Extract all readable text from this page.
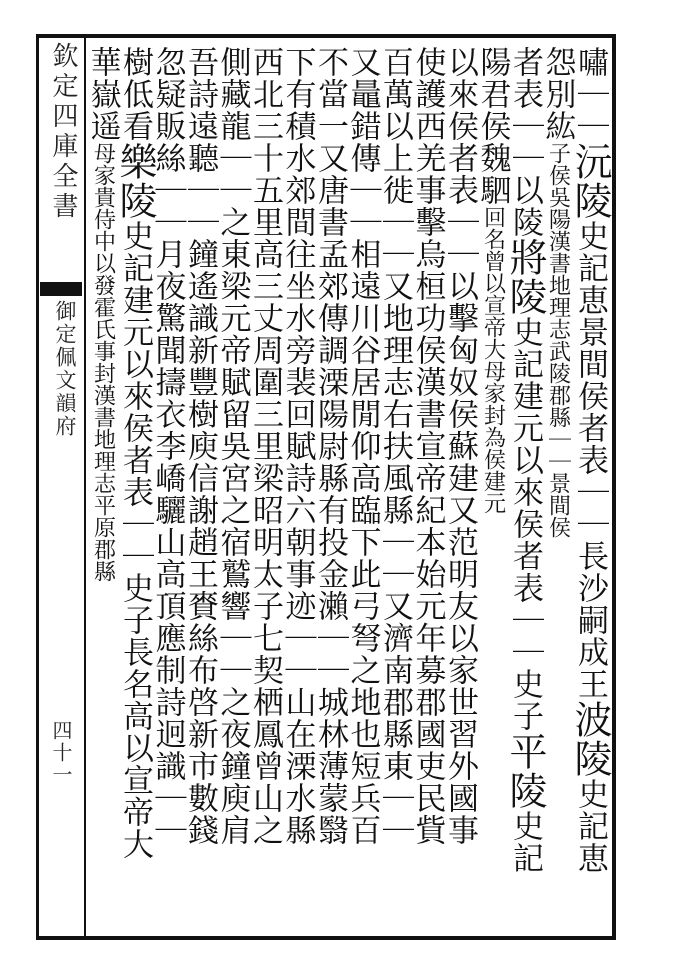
欽定四庫全書
御定佩文韻府
四十一
嘯｜｜沅陵史記恵景間侯者表｜｜長沙嗣成王波陵史記恵
怨別紘子侯吳陽漢書地理志武陵郡縣｜｜景間侯
者表｜｜以陵將陵史記建元以來侯者表｜｜史子平陵史記
陽君侯魏駟回名曾以宣帝大母家封為侯建元
以來侯者表｜｜以擊匈奴侯蘇建又范明友以家世習外國事
使護西羌事擊烏桓功侯漢書宣帝紀本始元年募郡國吏民貲
百萬以上徙｜｜又地理志右扶風縣｜｜又濟南郡縣東｜｜
又鼂錯傳｜｜相遠川谷居閒仰高臨下此弓弩之地也短兵百
不當一又唐書孟郊傳調溧陽尉縣有投金瀨｜｜城林薄蒙翳
下有積水郊間往坐水旁裴回賦詩六朝事迹｜｜山在溧水縣
西北三十五里高三丈周圍三里梁昭明太子七契栖鳳曾山之
側藏龍｜｜之東梁元帝賦留吳宮之宿鷲響｜｜之夜鐘庾肩
吾詩遠聽｜｜鐘遙識新豐樹庾信謝趙王賚絲布啓新市數錢
忽疑販絲｜｜月夜驚聞擣衣李嶠驪山高頂應制詩迥識｜｜
樹低看樂陵史記建元以來侯者表｜｜史子長名高以宣帝大
華嶽遥母家貴侍中以發霍氏事封漢書地理志平原郡縣
